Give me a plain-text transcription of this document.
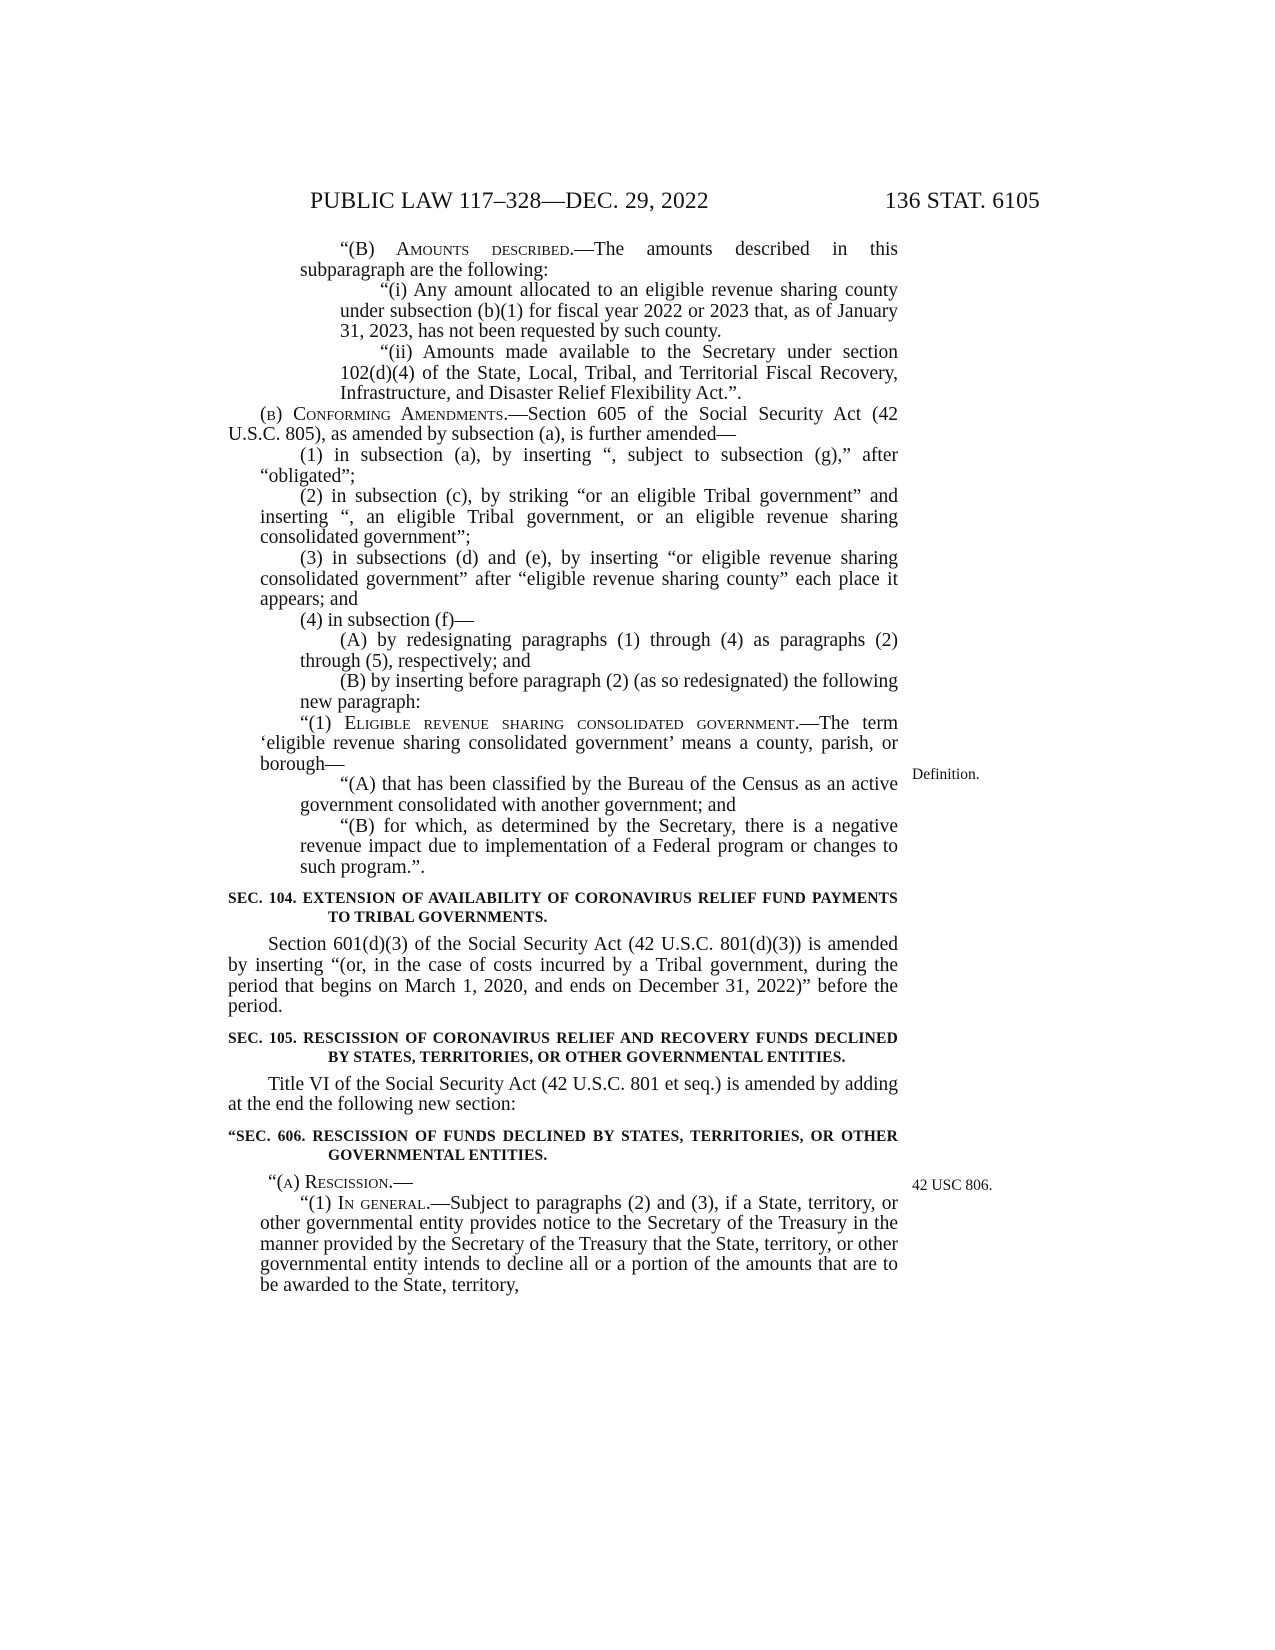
PUBLIC LAW 117–328—DEC. 29, 2022	136 STAT. 6105

“(B) Amounts described.—The amounts described in this subparagraph are the following:

“(i) Any amount allocated to an eligible revenue sharing county under subsection (b)(1) for fiscal year 2022 or 2023 that, as of January 31, 2023, has not been requested by such county.

“(ii) Amounts made available to the Secretary under section 102(d)(4) of the State, Local, Tribal, and Territorial Fiscal Recovery, Infrastructure, and Disaster Relief Flexibility Act.”.

(b) Conforming Amendments.—Section 605 of the Social Security Act (42 U.S.C. 805), as amended by subsection (a), is further amended—

(1) in subsection (a), by inserting “, subject to subsection (g),” after “obligated”;

(2) in subsection (c), by striking “or an eligible Tribal government” and inserting “, an eligible Tribal government, or an eligible revenue sharing consolidated government”;

(3) in subsections (d) and (e), by inserting “or eligible revenue sharing consolidated government” after “eligible revenue sharing county” each place it appears; and

(4) in subsection (f)—

(A) by redesignating paragraphs (1) through (4) as paragraphs (2) through (5), respectively; and

(B) by inserting before paragraph (2) (as so redesignated) the following new paragraph:

“(1) Eligible revenue sharing consolidated government.—The term ‘eligible revenue sharing consolidated government’ means a county, parish, or borough—

“(A) that has been classified by the Bureau of the Census as an active government consolidated with another government; and

“(B) for which, as determined by the Secretary, there is a negative revenue impact due to implementation of a Federal program or changes to such program.”.

SEC. 104. EXTENSION OF AVAILABILITY OF CORONAVIRUS RELIEF FUND PAYMENTS TO TRIBAL GOVERNMENTS.

Section 601(d)(3) of the Social Security Act (42 U.S.C. 801(d)(3)) is amended by inserting “(or, in the case of costs incurred by a Tribal government, during the period that begins on March 1, 2020, and ends on December 31, 2022)” before the period.

SEC. 105. RESCISSION OF CORONAVIRUS RELIEF AND RECOVERY FUNDS DECLINED BY STATES, TERRITORIES, OR OTHER GOVERNMENTAL ENTITIES.

Title VI of the Social Security Act (42 U.S.C. 801 et seq.) is amended by adding at the end the following new section:

“SEC. 606. RESCISSION OF FUNDS DECLINED BY STATES, TERRITORIES, OR OTHER GOVERNMENTAL ENTITIES.

“(a) Rescission.—

“(1) In general.—Subject to paragraphs (2) and (3), if a State, territory, or other governmental entity provides notice to the Secretary of the Treasury in the manner provided by the Secretary of the Treasury that the State, territory, or other governmental entity intends to decline all or a portion of the amounts that are to be awarded to the State, territory,

Definition.
42 USC 806.
